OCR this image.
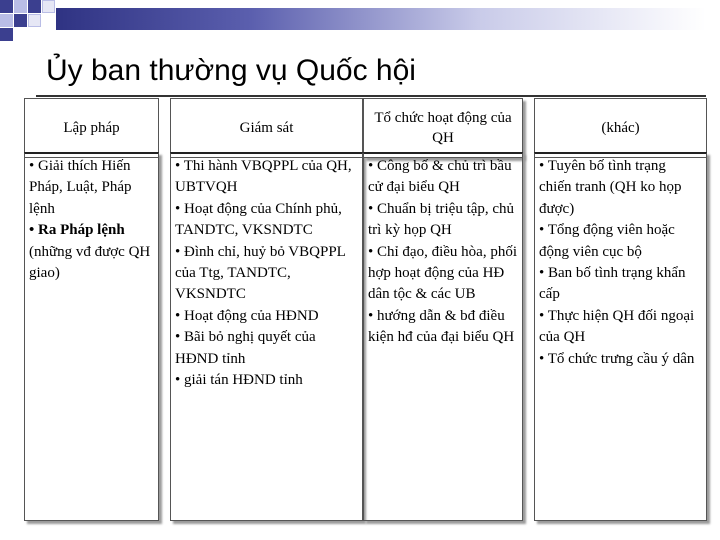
Ủy ban thường vụ Quốc hội
Lập pháp

• Giải thích Hiến Pháp, Luật, Pháp lệnh

• Ra Pháp lệnh

(những vđ được QH giao)

Giám sát

• Thi hành VBQPPL của QH, UBTVQH

• Hoạt động của Chính phủ, TANDTC, VKSNDTC

• Đình chỉ, huỷ bỏ VBQPPL của Ttg, TANDTC, VKSNDTC

• Hoạt động của HĐND

• Bãi bỏ nghị quyết của HĐND tỉnh

• giải tán HĐND tỉnh

Tổ chức hoạt động của QH

• Công bố & chủ trì bầu cử đại biểu QH

• Chuẩn bị triệu tập, chủ trì kỳ họp QH

• Chỉ đạo, điều hòa, phối hợp hoạt động của HĐ dân tộc & các UB

• hướng dẫn & bđ điều kiện hđ của đại biểu QH

(khác)

• Tuyên bố tình trạng chiến tranh (QH ko họp được)

• Tổng động viên hoặc động viên cục bộ

• Ban bố tình trạng khẩn cấp

• Thực hiện QH đối ngoại của QH

• Tổ chức trưng cầu ý dân
